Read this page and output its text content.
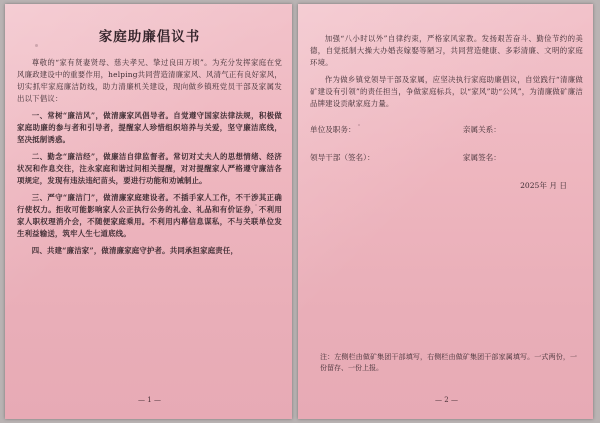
家庭助廉倡议书

尊敬的“家有贤妻贤母、慈夫孝兄、挚过良田万顷”。为充分发挥家庭在党风廉政建设中的重要作用，helping共同营造清廉家风、风清气正有良好家风，切实抓牢家庭廉洁防线，助力清廉机关建设，现向做乡镇班党员干部及家属发出以下倡议：

一、常树“廉洁风”，做清廉家风倡导者。自觉遵守国家法律法规，积极做家庭助廉的参与者和引导者，提醒家人珍惜组织培养与关爱，坚守廉洁底线，坚决抵制诱惑。

二、勤念“廉洁经”，做廉洁自律监督者。常切对丈夫人的思想情绪、经济状况和作息交往，注永家庭和谐过问相关提醒，对对提醒家人严格遵守廉洁各项规定，发现有违法违纪苗头，要进行功能和劝诫制止。

三、严守“廉洁门”，做清廉家庭建设者。不插手家人工作，不干涉其正确行使权力。拒收可能影响家人公正执行公务的礼金、礼品和有价证券，不利用家人职权理消介会，不随便家庭乘用。不利用内幕信息谋私，不与关联单位发生利益输送，筑牢人生七道底线。

四、共建“廉洁家”，做清廉家庭守护者。共同承担家庭责任，

— 1 —

加强“八小时以外”自律约束，严格家风家教。发扬艰苦奋斗、勤俭节约的美德，自觉抵制大操大办婚丧嫁娶等陋习，共同营造健康、多彩清廉、文明的家庭环境。

作为做乡镇党领导干部及家属，应坚决执行家庭助廉倡议，自觉践行“清廉做矿建设有引领”的责任担当，争做家庭标兵，以“家风”助“公风”，为清廉做矿廉洁品牌建设贡献家庭力量。

单位及职务：	亲属关系：
领导干部（签名）：	家属签名：
2025年 月 日
注：左侧栏由做矿集团干部填写，右侧栏由做矿集团干部家属填写。一式两份，一份留存、一份上报。
— 2 —
